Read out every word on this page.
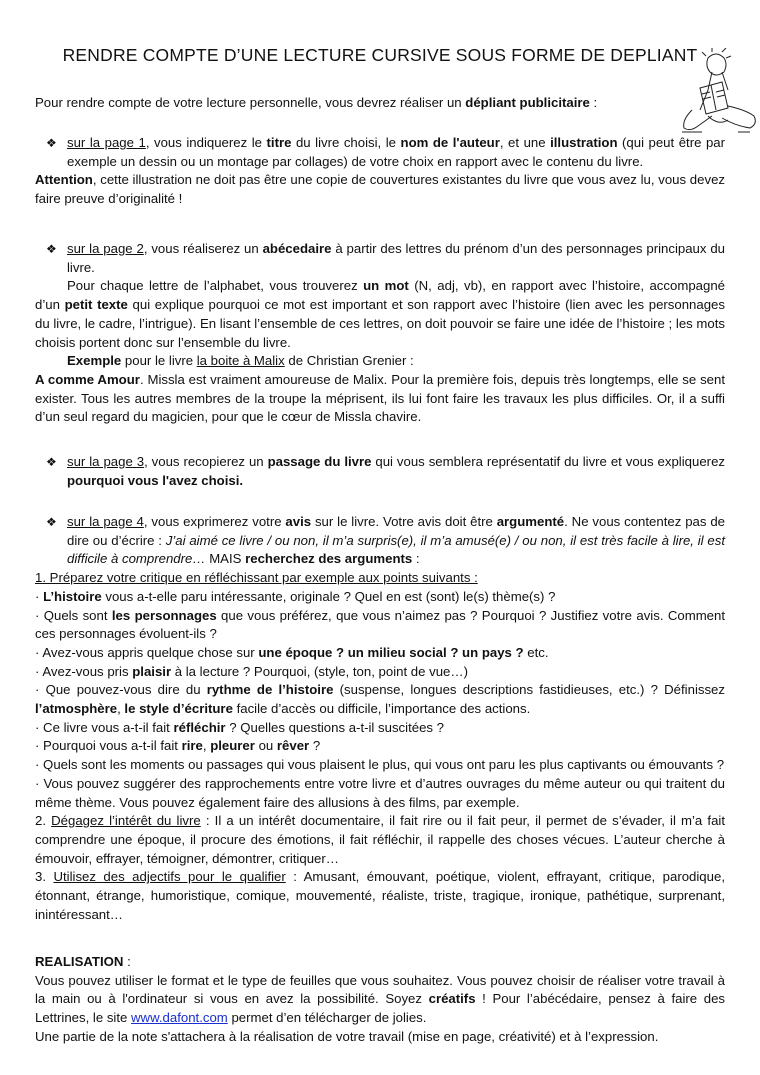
RENDRE COMPTE D’UNE LECTURE CURSIVE SOUS FORME DE DEPLIANT

Pour rendre compte de votre lecture personnelle, vous devrez réaliser un dépliant publicitaire :

❖ sur la page 1, vous indiquerez le titre du livre choisi, le nom de l'auteur, et une illustration (qui peut être par exemple un dessin ou un montage par collages) de votre choix en rapport avec le contenu du livre.

Attention, cette illustration ne doit pas être une copie de couvertures existantes du livre que vous avez lu, vous devez faire preuve d’originalité !

❖ sur la page 2, vous réaliserez un abécedaire à partir des lettres du prénom d’un des personnages principaux du livre.

Pour chaque lettre de l’alphabet, vous trouverez un mot (N, adj, vb), en rapport avec l’histoire, accompagné d’un petit texte qui explique pourquoi ce mot est important et son rapport avec l’histoire (lien avec les personnages du livre, le cadre, l’intrigue). En lisant l’ensemble de ces lettres, on doit pouvoir se faire une idée de l’histoire ; les mots choisis portent donc sur l’ensemble du livre.

Exemple pour le livre la boite à Malix de Christian Grenier :

A comme Amour. Missla est vraiment amoureuse de Malix. Pour la première fois, depuis très longtemps, elle se sent exister. Tous les autres membres de la troupe la méprisent, ils lui font faire les travaux les plus difficiles. Or, il a suffi d’un seul regard du magicien, pour que le cœur de Missla chavire.

❖ sur la page 3, vous recopierez un passage du livre qui vous semblera représentatif du livre et vous expliquerez pourquoi vous l'avez choisi.

❖ sur la page 4, vous exprimerez votre avis sur le livre. Votre avis doit être argumenté. Ne vous contentez pas de dire ou d’écrire : J’ai aimé ce livre / ou non, il m’a surpris(e), il m’a amusé(e) / ou non, il est très facile à lire, il est difficile à comprendre… MAIS recherchez des arguments :

1. Préparez votre critique en réfléchissant par exemple aux points suivants :

· L’histoire vous a-t-elle paru intéressante, originale ? Quel en est (sont) le(s) thème(s) ?

· Quels sont les personnages que vous préférez, que vous n’aimez pas ? Pourquoi ? Justifiez votre avis. Comment ces personnages évoluent-ils ?

· Avez-vous appris quelque chose sur une époque ? un milieu social ? un pays ? etc.

· Avez-vous pris plaisir à la lecture ? Pourquoi, (style, ton, point de vue…)

· Que pouvez-vous dire du rythme de l’histoire (suspense, longues descriptions fastidieuses, etc.) ? Définissez l’atmosphère, le style d’écriture facile d’accès ou difficile, l’importance des actions.

· Ce livre vous a-t-il fait réfléchir ? Quelles questions a-t-il suscitées ?

· Pourquoi vous a-t-il fait rire, pleurer ou rêver ?

· Quels sont les moments ou passages qui vous plaisent le plus, qui vous ont paru les plus captivants ou émouvants ?

· Vous pouvez suggérer des rapprochements entre votre livre et d’autres ouvrages du même auteur ou qui traitent du même thème. Vous pouvez également faire des allusions à des films, par exemple.

2. Dégagez l’intérêt du livre : Il a un intérêt documentaire, il fait rire ou il fait peur, il permet de s’évader, il m’a fait comprendre une époque, il procure des émotions, il fait réfléchir, il rappelle des choses vécues. L’auteur cherche à émouvoir, effrayer, témoigner, démontrer, critiquer…

3. Utilisez des adjectifs pour le qualifier : Amusant, émouvant, poétique, violent, effrayant, critique, parodique, étonnant, étrange, humoristique, comique, mouvementé, réaliste, triste, tragique, ironique, pathétique, surprenant, inintéressant…

REALISATION :

Vous pouvez utiliser le format et le type de feuilles que vous souhaitez. Vous pouvez choisir de réaliser votre travail à la main ou à l'ordinateur si vous en avez la possibilité. Soyez créatifs ! Pour l’abécédaire, pensez à faire des Lettrines, le site www.dafont.com permet d’en télécharger de jolies.

Une partie de la note s'attachera à la réalisation de votre travail (mise en page, créativité) et à l’expression.
